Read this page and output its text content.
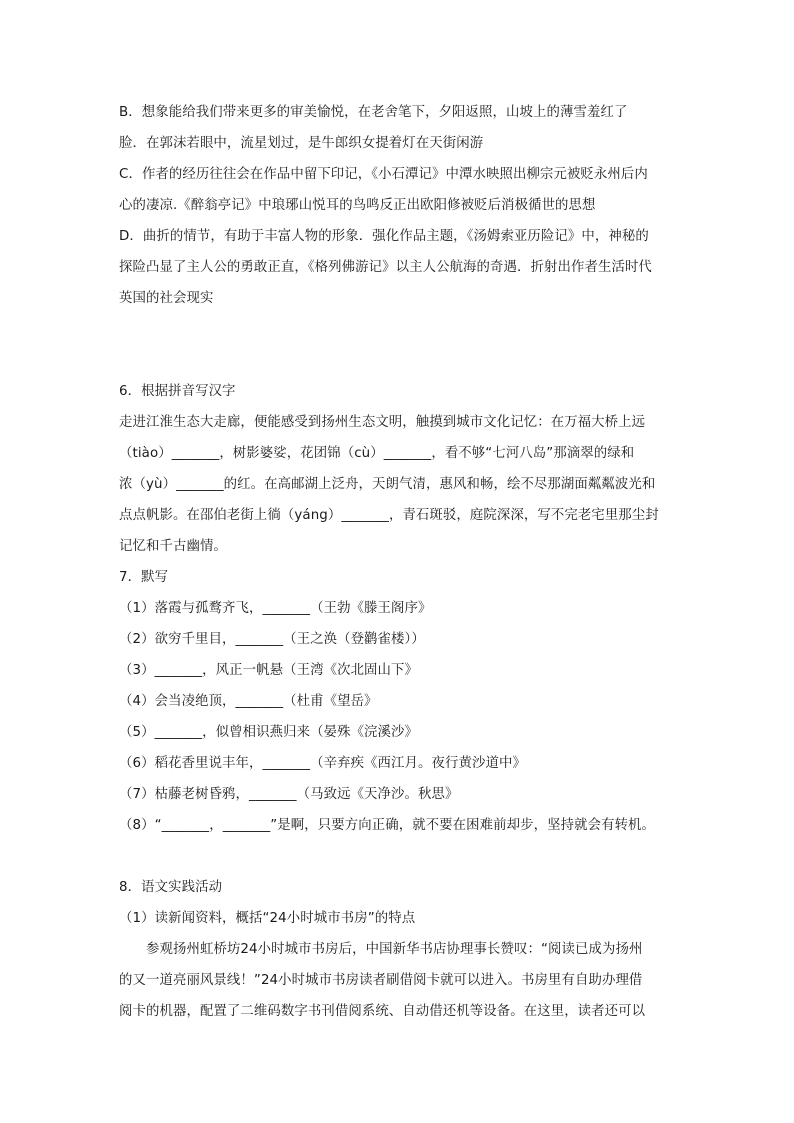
B．想象能给我们带来更多的审美愉悦，在老舍笔下，夕阳返照，山坡上的薄雪羞红了
脸．在郭沫若眼中，流星划过，是牛郎织女提着灯在天街闲游
C．作者的经历往往会在作品中留下印记，《小石潭记》中潭水映照出柳宗元被贬永州后内
心的凄凉.《醉翁亭记》中琅琊山悦耳的鸟鸣反正出欧阳修被贬后消极循世的思想
D．曲折的情节，有助于丰富人物的形象．强化作品主题，《汤姆索亚历险记》中，神秘的
探险凸显了主人公的勇敢正直，《格列佛游记》以主人公航海的奇遇．折射出作者生活时代
英国的社会现实
6．根据拼音写汉字
走进江淮生态大走廊，便能感受到扬州生态文明，触摸到城市文化记忆：在万福大桥上远
（tiào）_______，树影婆娑，花团锦（cù）_______，看不够“七河八岛”那滴翠的绿和
浓（yù）_______的红。在高邮湖上泛舟，天朗气清，惠风和畅，绘不尽那湖面粼粼波光和
点点帆影。在邵伯老街上徜（yáng）_______，青石斑驳，庭院深深，写不完老宅里那尘封
记忆和千古幽情。
7．默写
（1）落霞与孤鹜齐飞，_______（王勃《滕王阁序》
（2）欲穷千里目，_______（王之涣（登鹳雀楼））
（3）_______，风正一帆悬（王湾《次北固山下》
（4）会当凌绝顶，_______（杜甫《望岳》
（5）_______，似曾相识燕归来（晏殊《浣溪沙》
（6）稻花香里说丰年，_______（辛弃疾《西江月。夜行黄沙道中》
（7）枯藤老树昏鸦，_______（马致远《天净沙。秋思》
（8）“_______，_______”是啊，只要方向正确，就不要在困难前却步，坚持就会有转机。
8．语文实践活动
（1）读新闻资料，概括“24小时城市书房”的特点
参观扬州虹桥坊24小时城市书房后，中国新华书店协理事长赞叹：“阅读已成为扬州
的又一道亮丽风景线！”24小时城市书房读者刷借阅卡就可以进入。书房里有自助办理借
阅卡的机器，配置了二维码数字书刊借阅系统、自动借还机等设备。在这里，读者还可以
